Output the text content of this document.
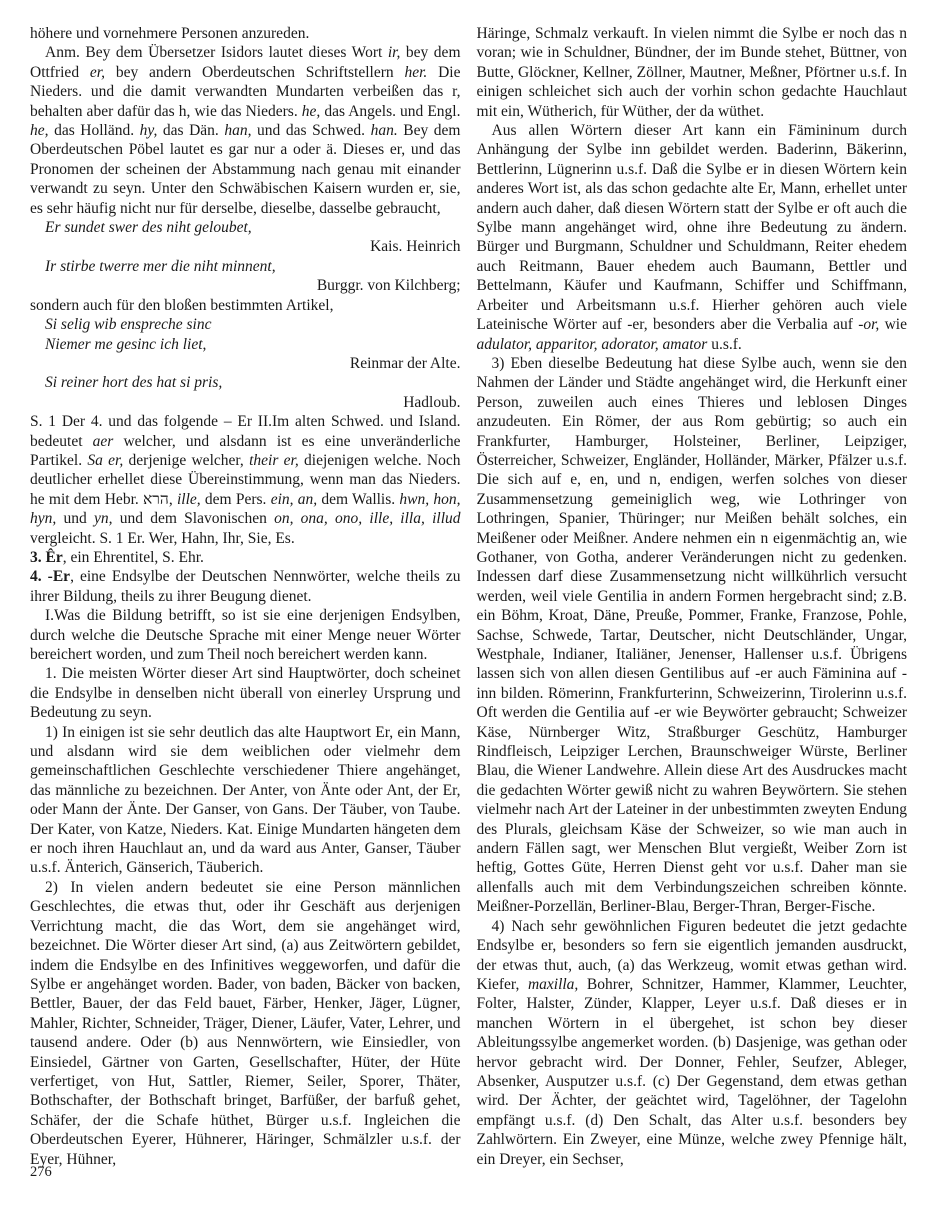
höhere und vornehmere Personen anzureden.

Anm. Bey dem Übersetzer Isidors lautet dieses Wort ir, bey dem Ottfried er, bey andern Oberdeutschen Schriftstellern her. Die Nieders. und die damit verwandten Mundarten verbeißen das r, behalten aber dafür das h, wie das Nieders. he, das Angels. und Engl. he, das Holländ. hy, das Dän. han, und das Schwed. han. Bey dem Oberdeutschen Pöbel lautet es gar nur a oder ä. Dieses er, und das Pronomen der scheinen der Abstammung nach genau mit einander verwandt zu seyn. Unter den Schwäbischen Kaisern wurden er, sie, es sehr häufig nicht nur für derselbe, dieselbe, dasselbe gebraucht,

Er sundet swer des niht geloubet,

Kais. Heinrich

Ir stirbe twerre mer die niht minnent,

Burggr. von Kilchberg;

sondern auch für den bloßen bestimmten Artikel,

Si selig wib enspreche sinc

Niemer me gesinc ich liet,

Reinmar der Alte.

Si reiner hort des hat si pris,

Hadloub.

S. 1 Der 4. und das folgende – Er II.Im alten Schwed. und Island. bedeutet aer welcher, und alsdann ist es eine unveränderliche Partikel. Sa er, derjenige welcher, their er, diejenigen welche. Noch deutlicher erhellet diese Übereinstimmung, wenn man das Nieders. he mit dem Hebr. הרא, ille, dem Pers. ein, an, dem Wallis. hwn, hon, hyn, und yn, und dem Slavonischen on, ona, ono, ille, illa, illud vergleicht. S. 1 Er. Wer, Hahn, Ihr, Sie, Es.

3. Êr, ein Ehrentitel, S. Ehr.

4. -Er, eine Endsylbe der Deutschen Nennwörter, welche theils zu ihrer Bildung, theils zu ihrer Beugung dienet.

I.Was die Bildung betrifft, so ist sie eine derjenigen Endsylben, durch welche die Deutsche Sprache mit einer Menge neuer Wörter bereichert worden, und zum Theil noch bereichert werden kann.

1. Die meisten Wörter dieser Art sind Hauptwörter, doch scheinet die Endsylbe in denselben nicht überall von einerley Ursprung und Bedeutung zu seyn.

1) In einigen ist sie sehr deutlich das alte Hauptwort Er, ein Mann, und alsdann wird sie dem weiblichen oder vielmehr dem gemeinschaftlichen Geschlechte verschiedener Thiere angehänget, das männliche zu bezeichnen. Der Anter, von Änte oder Ant, der Er, oder Mann der Änte. Der Ganser, von Gans. Der Täuber, von Taube. Der Kater, von Katze, Nieders. Kat. Einige Mundarten hängeten dem er noch ihren Hauchlaut an, und da ward aus Anter, Ganser, Täuber u.s.f. Änterich, Gänserich, Täuberich.

2) In vielen andern bedeutet sie eine Person männlichen Geschlechtes, die etwas thut, oder ihr Geschäft aus derjenigen Verrichtung macht, die das Wort, dem sie angehänget wird, bezeichnet. Die Wörter dieser Art sind, (a) aus Zeitwörtern gebildet, indem die Endsylbe en des Infinitives weggeworfen, und dafür die Sylbe er angehänget worden. Bader, von baden, Bäcker von backen, Bettler, Bauer, der das Feld bauet, Färber, Henker, Jäger, Lügner, Mahler, Richter, Schneider, Träger, Diener, Läufer, Vater, Lehrer, und tausend andere. Oder (b) aus Nennwörtern, wie Einsiedler, von Einsiedel, Gärtner von Garten, Gesellschafter, Hüter, der Hüte verfertiget, von Hut, Sattler, Riemer, Seiler, Sporer, Thäter, Bothschafter, der Bothschaft bringet, Barfüßer, der barfuß gehet, Schäfer, der die Schafe hüthet, Bürger u.s.f. Ingleichen die Oberdeutschen Eyerer, Hühnerer, Häringer, Schmälzler u.s.f. der Eyer, Hühner,

Häringe, Schmalz verkauft. In vielen nimmt die Sylbe er noch das n voran; wie in Schuldner, Bündner, der im Bunde stehet, Büttner, von Butte, Glöckner, Kellner, Zöllner, Mautner, Meßner, Pförtner u.s.f. In einigen schleichet sich auch der vorhin schon gedachte Hauchlaut mit ein, Wütherich, für Wüther, der da wüthet.

Aus allen Wörtern dieser Art kann ein Fämininum durch Anhängung der Sylbe inn gebildet werden. Baderinn, Bäkerinn, Bettlerinn, Lügnerinn u.s.f. Daß die Sylbe er in diesen Wörtern kein anderes Wort ist, als das schon gedachte alte Er, Mann, erhellet unter andern auch daher, daß diesen Wörtern statt der Sylbe er oft auch die Sylbe mann angehänget wird, ohne ihre Bedeutung zu ändern. Bürger und Burgmann, Schuldner und Schuldmann, Reiter ehedem auch Reitmann, Bauer ehedem auch Baumann, Bettler und Bettelmann, Käufer und Kaufmann, Schiffer und Schiffmann, Arbeiter und Arbeitsmann u.s.f. Hierher gehören auch viele Lateinische Wörter auf -er, besonders aber die Verbalia auf -or, wie adulator, apparitor, adorator, amator u.s.f.

3) Eben dieselbe Bedeutung hat diese Sylbe auch, wenn sie den Nahmen der Länder und Städte angehänget wird, die Herkunft einer Person, zuweilen auch eines Thieres und leblosen Dinges anzudeuten. Ein Römer, der aus Rom gebürtig; so auch ein Frankfurter, Hamburger, Holsteiner, Berliner, Leipziger, Österreicher, Schweizer, Engländer, Holländer, Märker, Pfälzer u.s.f. Die sich auf e, en, und n, endigen, werfen solches von dieser Zusammensetzung gemeiniglich weg, wie Lothringer von Lothringen, Spanier, Thüringer; nur Meißen behält solches, ein Meißener oder Meißner. Andere nehmen ein n eigenmächtig an, wie Gothaner, von Gotha, anderer Veränderungen nicht zu gedenken. Indessen darf diese Zusammensetzung nicht willkührlich versucht werden, weil viele Gentilia in andern Formen hergebracht sind; z.B. ein Böhm, Kroat, Däne, Preuße, Pommer, Franke, Franzose, Pohle, Sachse, Schwede, Tartar, Deutscher, nicht Deutschländer, Ungar, Westphale, Indianer, Italiäner, Jenenser, Hallenser u.s.f. Übrigens lassen sich von allen diesen Gentilibus auf -er auch Fäminina auf -inn bilden. Römerinn, Frankfurterinn, Schweizerinn, Tirolerinn u.s.f. Oft werden die Gentilia auf -er wie Beywörter gebraucht; Schweizer Käse, Nürnberger Witz, Straßburger Geschütz, Hamburger Rindfleisch, Leipziger Lerchen, Braunschweiger Würste, Berliner Blau, die Wiener Landwehre. Allein diese Art des Ausdruckes macht die gedachten Wörter gewiß nicht zu wahren Beywörtern. Sie stehen vielmehr nach Art der Lateiner in der unbestimmten zweyten Endung des Plurals, gleichsam Käse der Schweizer, so wie man auch in andern Fällen sagt, wer Menschen Blut vergießt, Weiber Zorn ist heftig, Gottes Güte, Herren Dienst geht vor u.s.f. Daher man sie allenfalls auch mit dem Verbindungszeichen schreiben könnte. Meißner-Porzellän, Berliner-Blau, Berger-Thran, Berger-Fische.

4) Nach sehr gewöhnlichen Figuren bedeutet die jetzt gedachte Endsylbe er, besonders so fern sie eigentlich jemanden ausdruckt, der etwas thut, auch, (a) das Werkzeug, womit etwas gethan wird. Kiefer, maxilla, Bohrer, Schnitzer, Hammer, Klammer, Leuchter, Folter, Halster, Zünder, Klapper, Leyer u.s.f. Daß dieses er in manchen Wörtern in el übergehet, ist schon bey dieser Ableitungssylbe angemerket worden. (b) Dasjenige, was gethan oder hervor gebracht wird. Der Donner, Fehler, Seufzer, Ableger, Absenker, Ausputzer u.s.f. (c) Der Gegenstand, dem etwas gethan wird. Der Ächter, der geächtet wird, Tagelöhner, der Tagelohn empfängt u.s.f. (d) Den Schalt, das Alter u.s.f. besonders bey Zahlwörtern. Ein Zweyer, eine Münze, welche zwey Pfennige hält, ein Dreyer, ein Sechser,

276
